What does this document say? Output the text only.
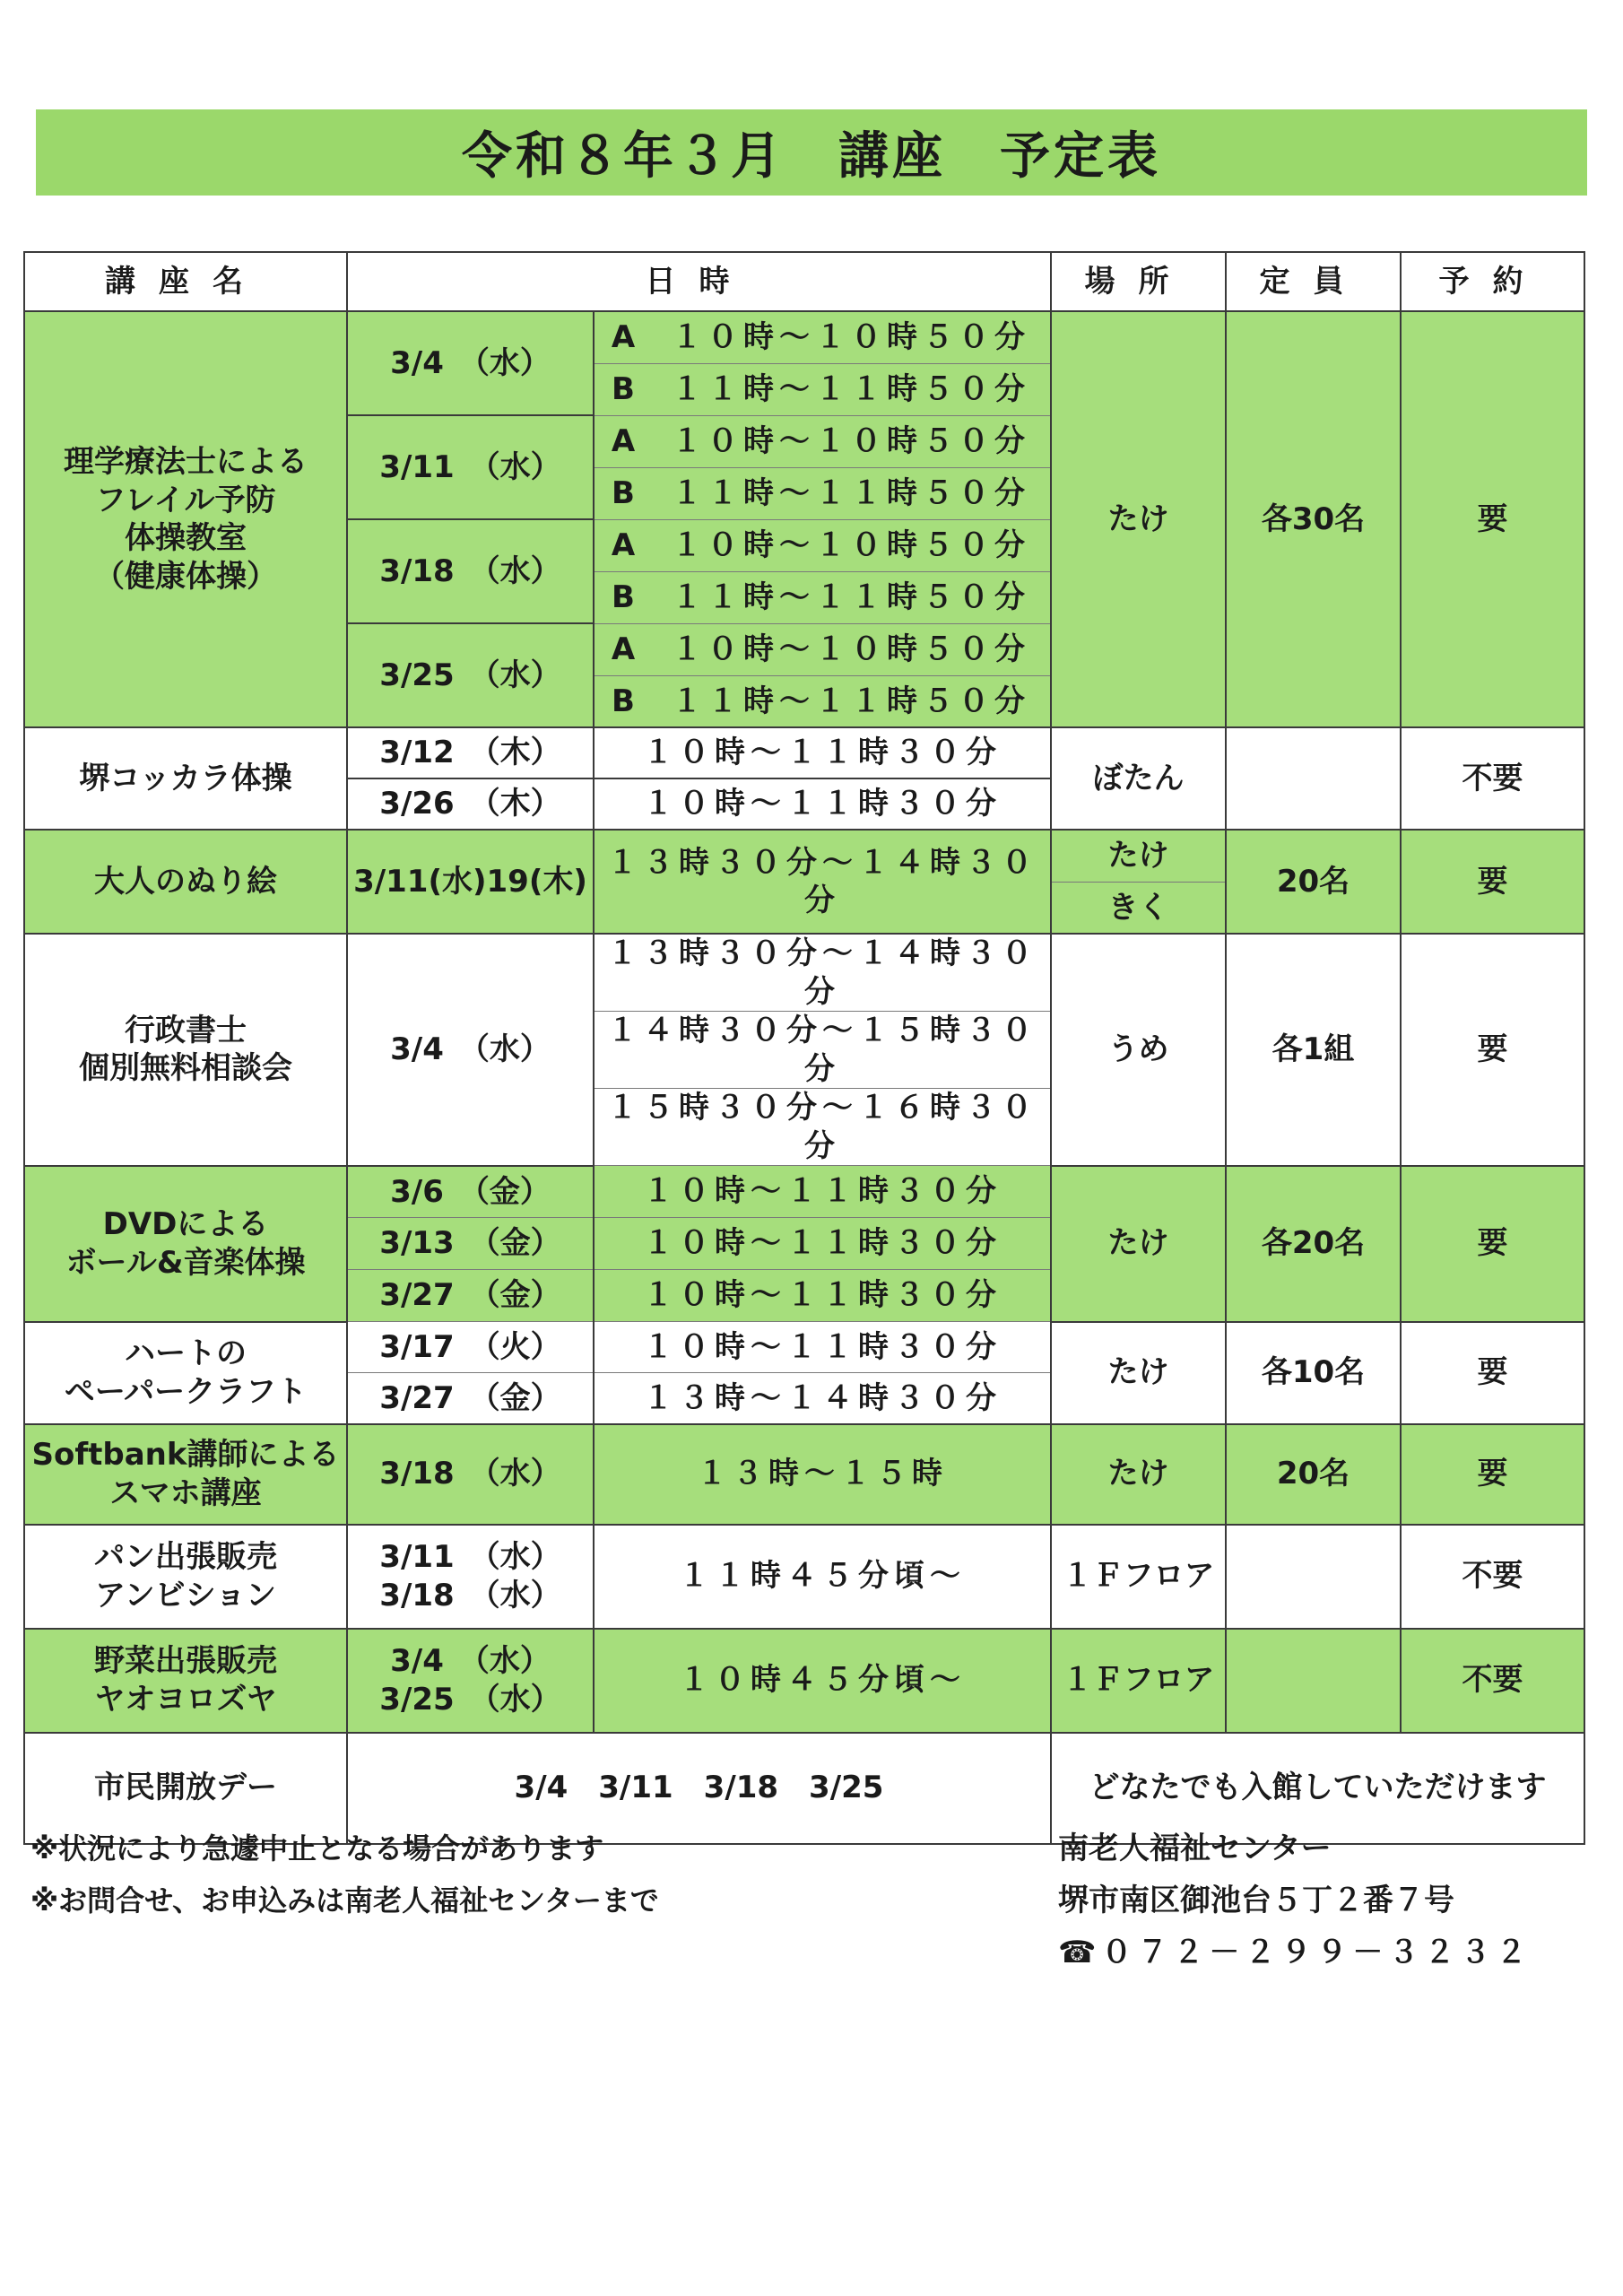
令和８年３月　講座　予定表
講座名	日時		場所	定員	予約

理学療法士による
フレイル予防
体操教室
（健康体操）	3/4　（水）	A １０時～１０時５０分	たけ	各30名	要

		B １１時～１１時５０分			

	3/11　（水）	A １０時～１０時５０分			

		B １１時～１１時５０分			

	3/18　（水）	A １０時～１０時５０分			

		B １１時～１１時５０分			

	3/25　（水）	A １０時～１０時５０分			

		B １１時～１１時５０分			

堺コッカラ体操	3/12　（木）	１０時～１１時３０分	ぼたん		不要
	3/26　（木）	１０時～１１時３０分			
大人のぬり絵	3/11(水)19(木)	１３時３０分～１４時３０分	たけ	20名	要
			きく		

行政書士
個別無料相談会	3/4　（水）	１３時３０分～１４時３０分	うめ	各1組	要
		１４時３０分～１５時３０分			
		１５時３０分～１６時３０分			

DVDによる
ボール&音楽体操	3/6　（金）	１０時～１１時３０分	たけ	各20名	要
	3/13　（金）	１０時～１１時３０分			
	3/27　（金）	１０時～１１時３０分			

ハートの
ペーパークラフト	3/17　（火）	１０時～１１時３０分	たけ	各10名	要
	3/27　（金）	１３時～１４時３０分			

Softbank講師による
スマホ講座	3/18　（水）	１３時～１５時	たけ	20名	要

パン出張販売
アンビション	3/11　（水）
3/18　（水）	１１時４５分頃～	１Ｆフロア		不要

野菜出張販売
ヤオヨロズヤ	3/4　（水）
3/25　（水）	１０時４５分頃～	１Ｆフロア		不要
市民開放デー	3/4　3/11　3/18　3/25		どなたでも入館していただけます		
※状況により急遽中止となる場合があります
※お問合せ、お申込みは南老人福祉センターまで
南老人福祉センター
堺市南区御池台５丁２番７号
☎０７２－２９９－３２３２
